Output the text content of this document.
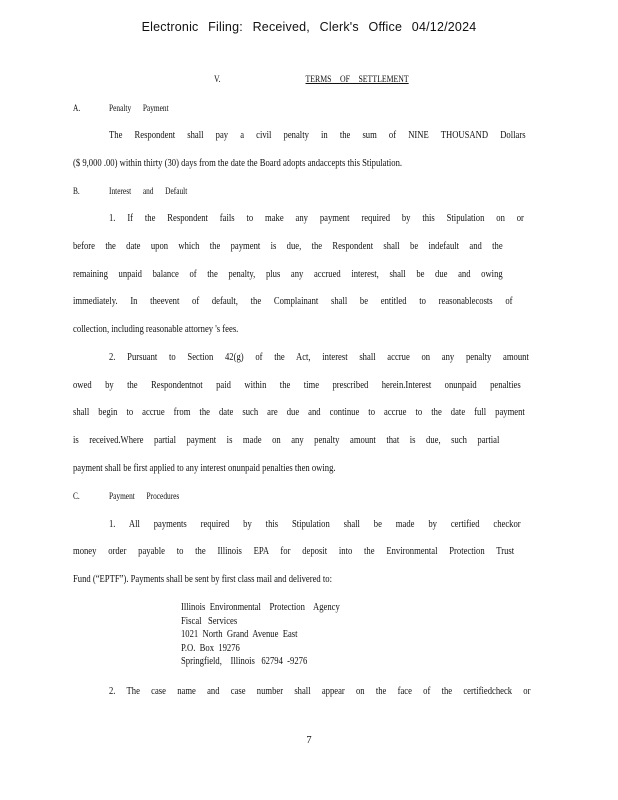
Electronic Filing: Received, Clerk's Office 04/12/2024
V.	TERMS OF SETTLEMENT
A.	Penalty Payment
The Respondent shall pay a civil penalty in the sum of NINE THOUSAND Dollars
($ 9,000 .00) within thirty (30) days from the date the Board adopts andaccepts this Stipulation.
B.	Interest and Default
1. If the Respondent fails to make any payment required by this Stipulation on or
before the date upon which the payment is due, the Respondent shall be indefault and the
remaining unpaid balance of the penalty, plus any accrued interest, shall be due and owing
immediately. In theevent of default, the Complainant shall be entitled to reasonablecosts of
collection, including reasonable attorney 's fees.
2. Pursuant to Section 42(g) of the Act, interest shall accrue on any penalty amount
owed by the Respondentnot paid within the time prescribed herein.Interest onunpaid penalties
shall begin to accrue from the date such are due and continue to accrue to the date full payment
is received.Where partial payment is made on any penalty amount that is due, such partial
payment shall be first applied to any interest onunpaid penalties then owing.
C.	Payment Procedures
1. All payments required by this Stipulation shall be made by certified checkor
money order payable to the Illinois EPA for deposit into the Environmental Protection Trust
Fund (“EPTF”). Payments shall be sent by first class mail and delivered to:
Illinois  Environmental    Protection    Agency
Fiscal   Services
1021  North  Grand  Avenue  East
P.O.  Box  19276
Springfield,    Illinois   62794  -9276
2. The case name and case number shall appear on the face of the certifiedcheck or
7
